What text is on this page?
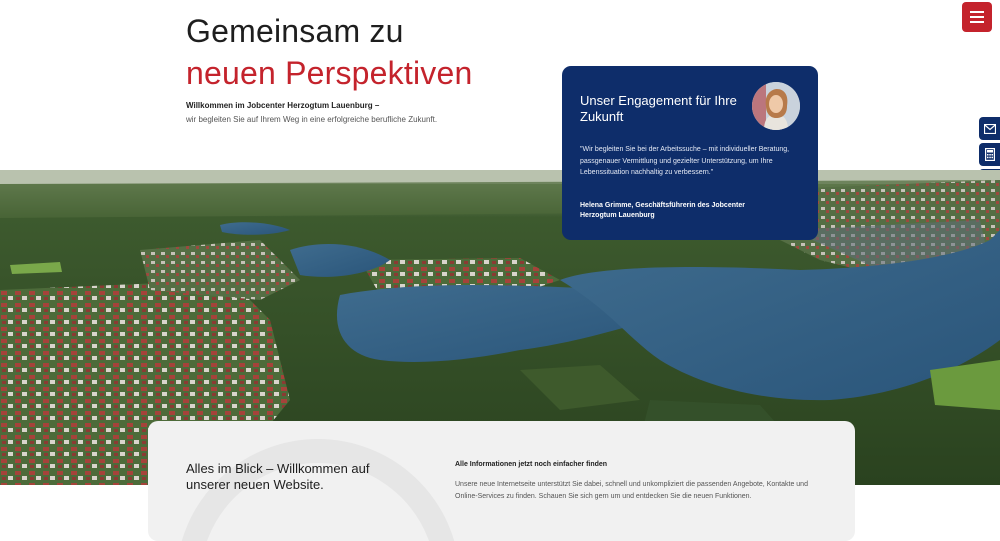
Gemeinsam zu
neuen Perspektiven
Willkommen im Jobcenter Herzogtum Lauenburg –
wir begleiten Sie auf Ihrem Weg in eine erfolgreiche berufliche Zukunft.
Unser Engagement für Ihre Zukunft
"Wir begleiten Sie bei der Arbeitssuche – mit individueller Beratung, passgenauer Vermittlung und gezielter Unterstützung, um Ihre Lebenssituation nachhaltig zu verbessern."
Helena Grimme, Geschäftsführerin des Jobcenter Herzogtum Lauenburg
Alles im Blick – Willkommen auf unserer neuen Website.
Alle Informationen jetzt noch einfacher finden
Unsere neue Internetseite unterstützt Sie dabei, schnell und unkompliziert die passenden Angebote, Kontakte und Online-Services zu finden. Schauen Sie sich gern um und entdecken Sie die neuen Funktionen.
